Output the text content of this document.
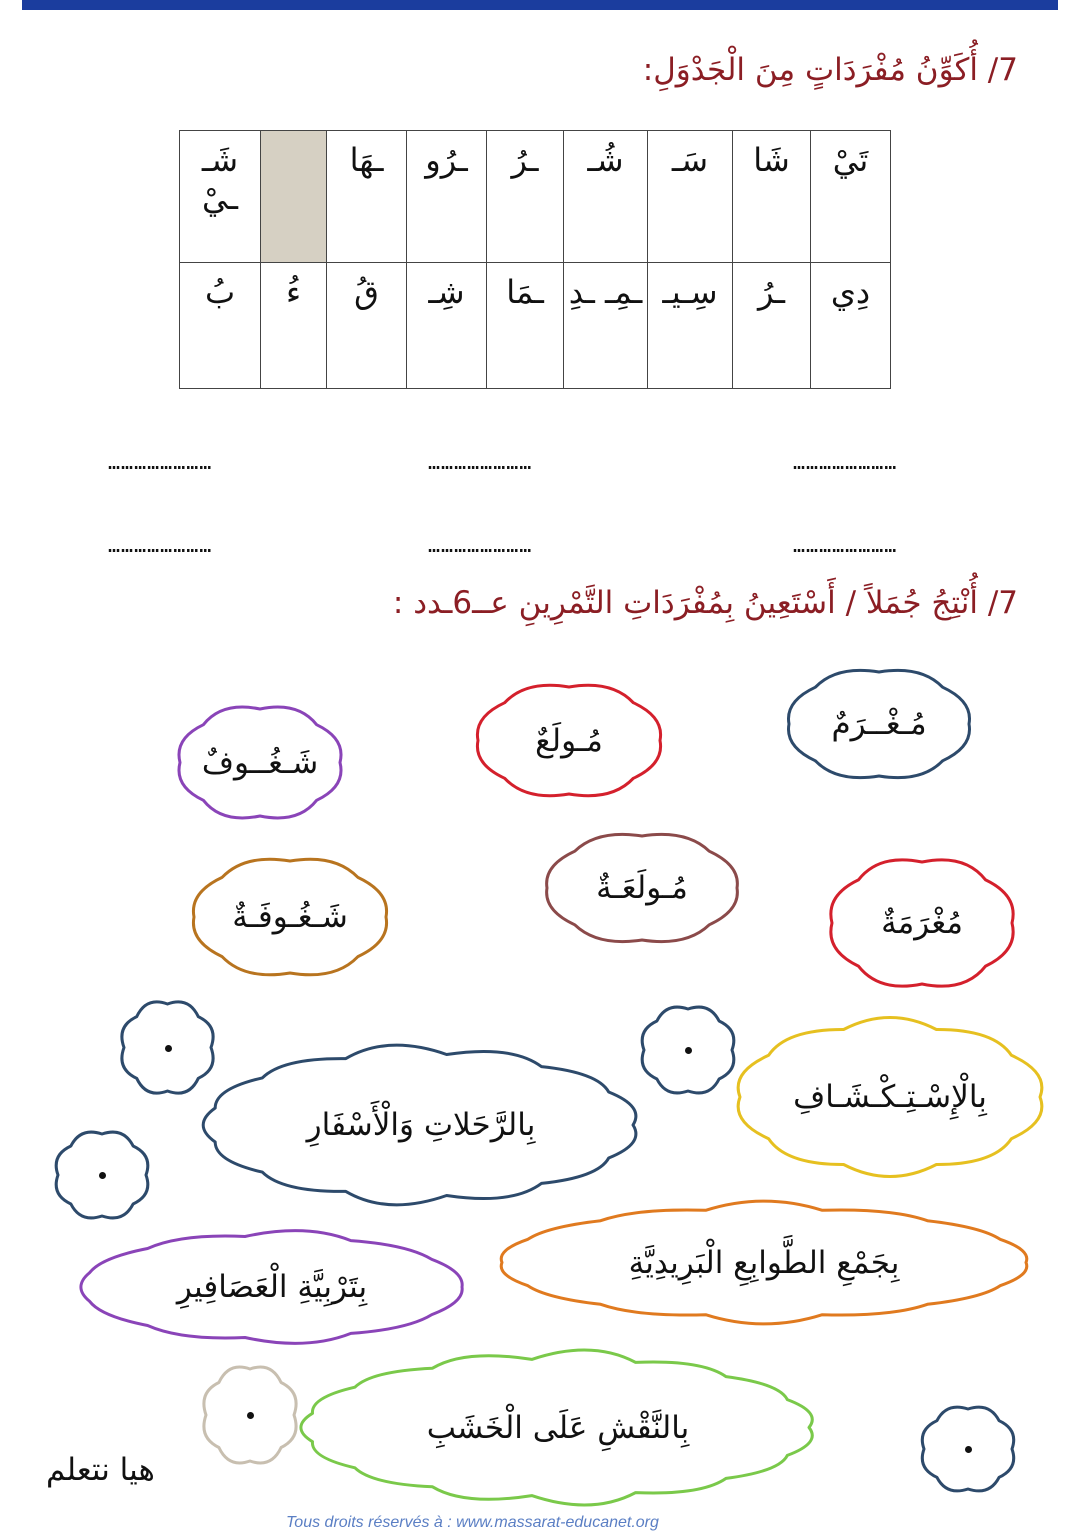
7/ أُكَوِّنُ مُفْرَدَاتٍ مِنَ الْجَدْوَلِ:
تَيْ	شَا	سَـ	شُـ	ـرُ	ـرُو	ـهَا		شَـ ـيْ
دِي	ـرُ	سِـيـ	ـمِـ ـدِ	ـمَا	شِـ	قُ	ءُ	بُ
……………………
……………………
……………………
……………………
……………………
……………………
7/ أُنْتِجُ جُمَلاً / أَسْتَعِينُ بِمُفْرَدَاتِ التَّمْرِينِ عــ6ـدد :
مُـغْــرَمٌ
مُـولَعٌ
شَـغُــوفٌ
مُغْرَمَةٌ
مُـولَعَـةٌ
شَـغُـوفَـةٌ
بِالْإِسْـتِـكْـشَـافِ
بِالرَّحَلاتِ وَالْأَسْفَارِ
بِجَمْعِ الطَّوابِعِ الْبَرِيدِيَّةِ
بِتَرْبِيَّةِ الْعَصَافِيرِ
بِالنَّقْشِ عَلَى الْخَشَبِ
هيا نتعلم
Tous droits réservés à : www.massarat-educanet.org
